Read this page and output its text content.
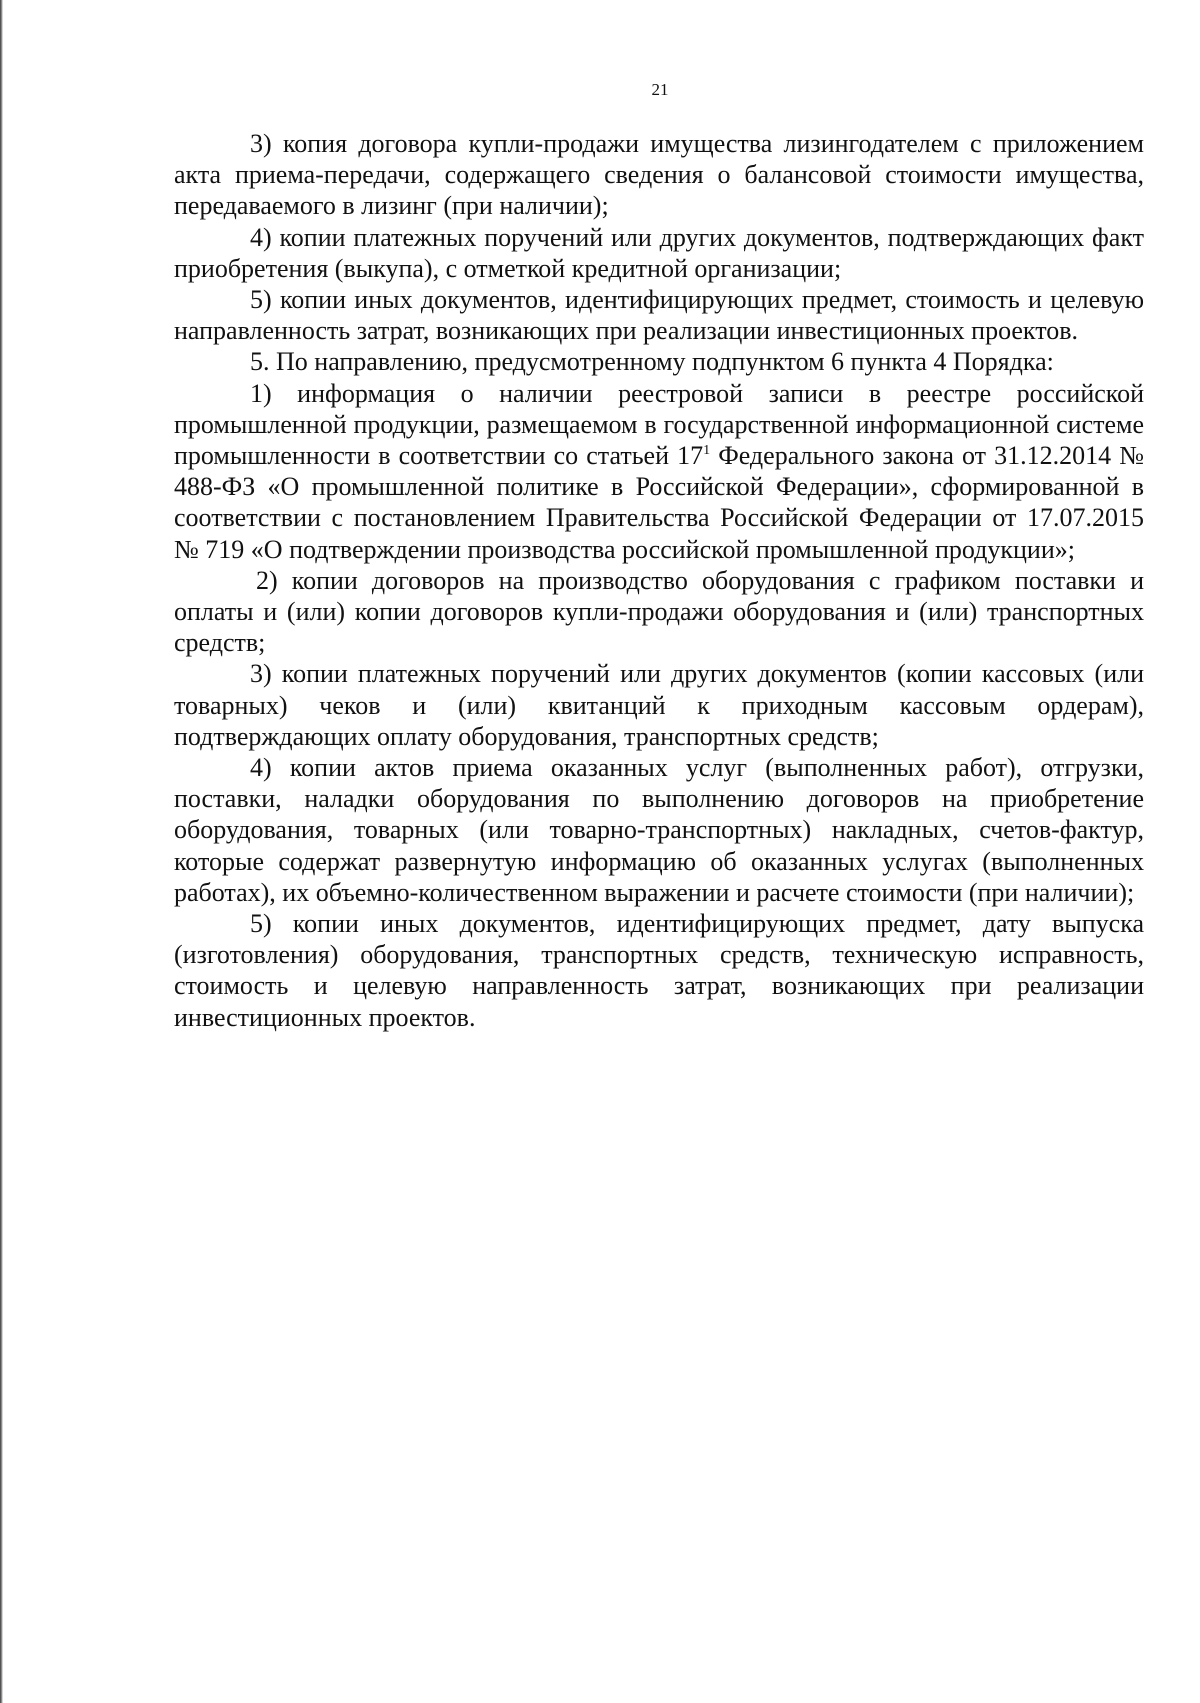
21

3) копия договора купли-продажи имущества лизингодателем с приложением акта приема-передачи, содержащего сведения о балансовой стоимости имущества, передаваемого в лизинг (при наличии);

4) копии платежных поручений или других документов, подтверждающих факт приобретения (выкупа), с отметкой кредитной организации;

5) копии иных документов, идентифицирующих предмет, стоимость и целевую направленность затрат, возникающих при реализации инвестиционных проектов.

5. По направлению, предусмотренному подпунктом 6 пункта 4 Порядка:

1) информация о наличии реестровой записи в реестре российской промышленной продукции, размещаемом в государственной информационной системе промышленности в соответствии со статьей $17^1$ Федерального закона от 31.12.2014 № 488-ФЗ «О промышленной политике в Российской Федерации», сформированной в соответствии с постановлением Правительства Российской Федерации от 17.07.2015 № 719 «О подтверждении производства российской промышленной продукции»;

2) копии договоров на производство оборудования с графиком поставки и оплаты и (или) копии договоров купли-продажи оборудования и (или) транспортных средств;

3) копии платежных поручений или других документов (копии кассовых (или товарных) чеков и (или) квитанций к приходным кассовым ордерам), подтверждающих оплату оборудования, транспортных средств;

4) копии актов приема оказанных услуг (выполненных работ), отгрузки, поставки, наладки оборудования по выполнению договоров на приобретение оборудования, товарных (или товарно-транспортных) накладных, счетов-фактур, которые содержат развернутую информацию об оказанных услугах (выполненных работах), их объемно-количественном выражении и расчете стоимости (при наличии);

5) копии иных документов, идентифицирующих предмет, дату выпуска (изготовления) оборудования, транспортных средств, техническую исправность, стоимость и целевую направленность затрат, возникающих при реализации инвестиционных проектов.
